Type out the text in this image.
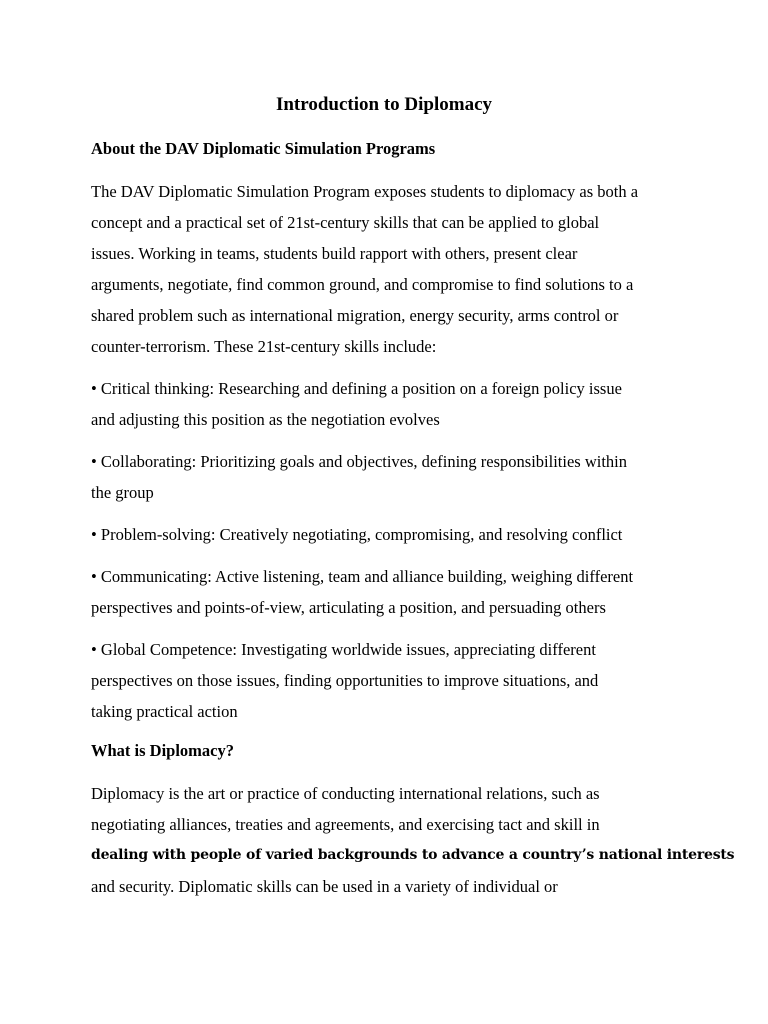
Introduction to Diplomacy
About the DAV Diplomatic Simulation Programs

The DAV Diplomatic Simulation Program exposes students to diplomacy as both a
concept and a practical set of 21st-century skills that can be applied to global
issues. Working in teams, students build rapport with others, present clear
arguments, negotiate, find common ground, and compromise to find solutions to a
shared problem such as international migration, energy security, arms control or
counter-terrorism. These 21st-century skills include:

• Critical thinking: Researching and defining a position on a foreign policy issue
and adjusting this position as the negotiation evolves

• Collaborating: Prioritizing goals and objectives, defining responsibilities within
the group

• Problem-solving: Creatively negotiating, compromising, and resolving conflict

• Communicating: Active listening, team and alliance building, weighing different
perspectives and points-of-view, articulating a position, and persuading others

• Global Competence: Investigating worldwide issues, appreciating different
perspectives on those issues, finding opportunities to improve situations, and
taking practical action

What is Diplomacy?

Diplomacy is the art or practice of conducting international relations, such as
negotiating alliances, treaties and agreements, and exercising tact and skill in
dealing with people of varied backgrounds to advance a country’s national interests
and security. Diplomatic skills can be used in a variety of individual or
